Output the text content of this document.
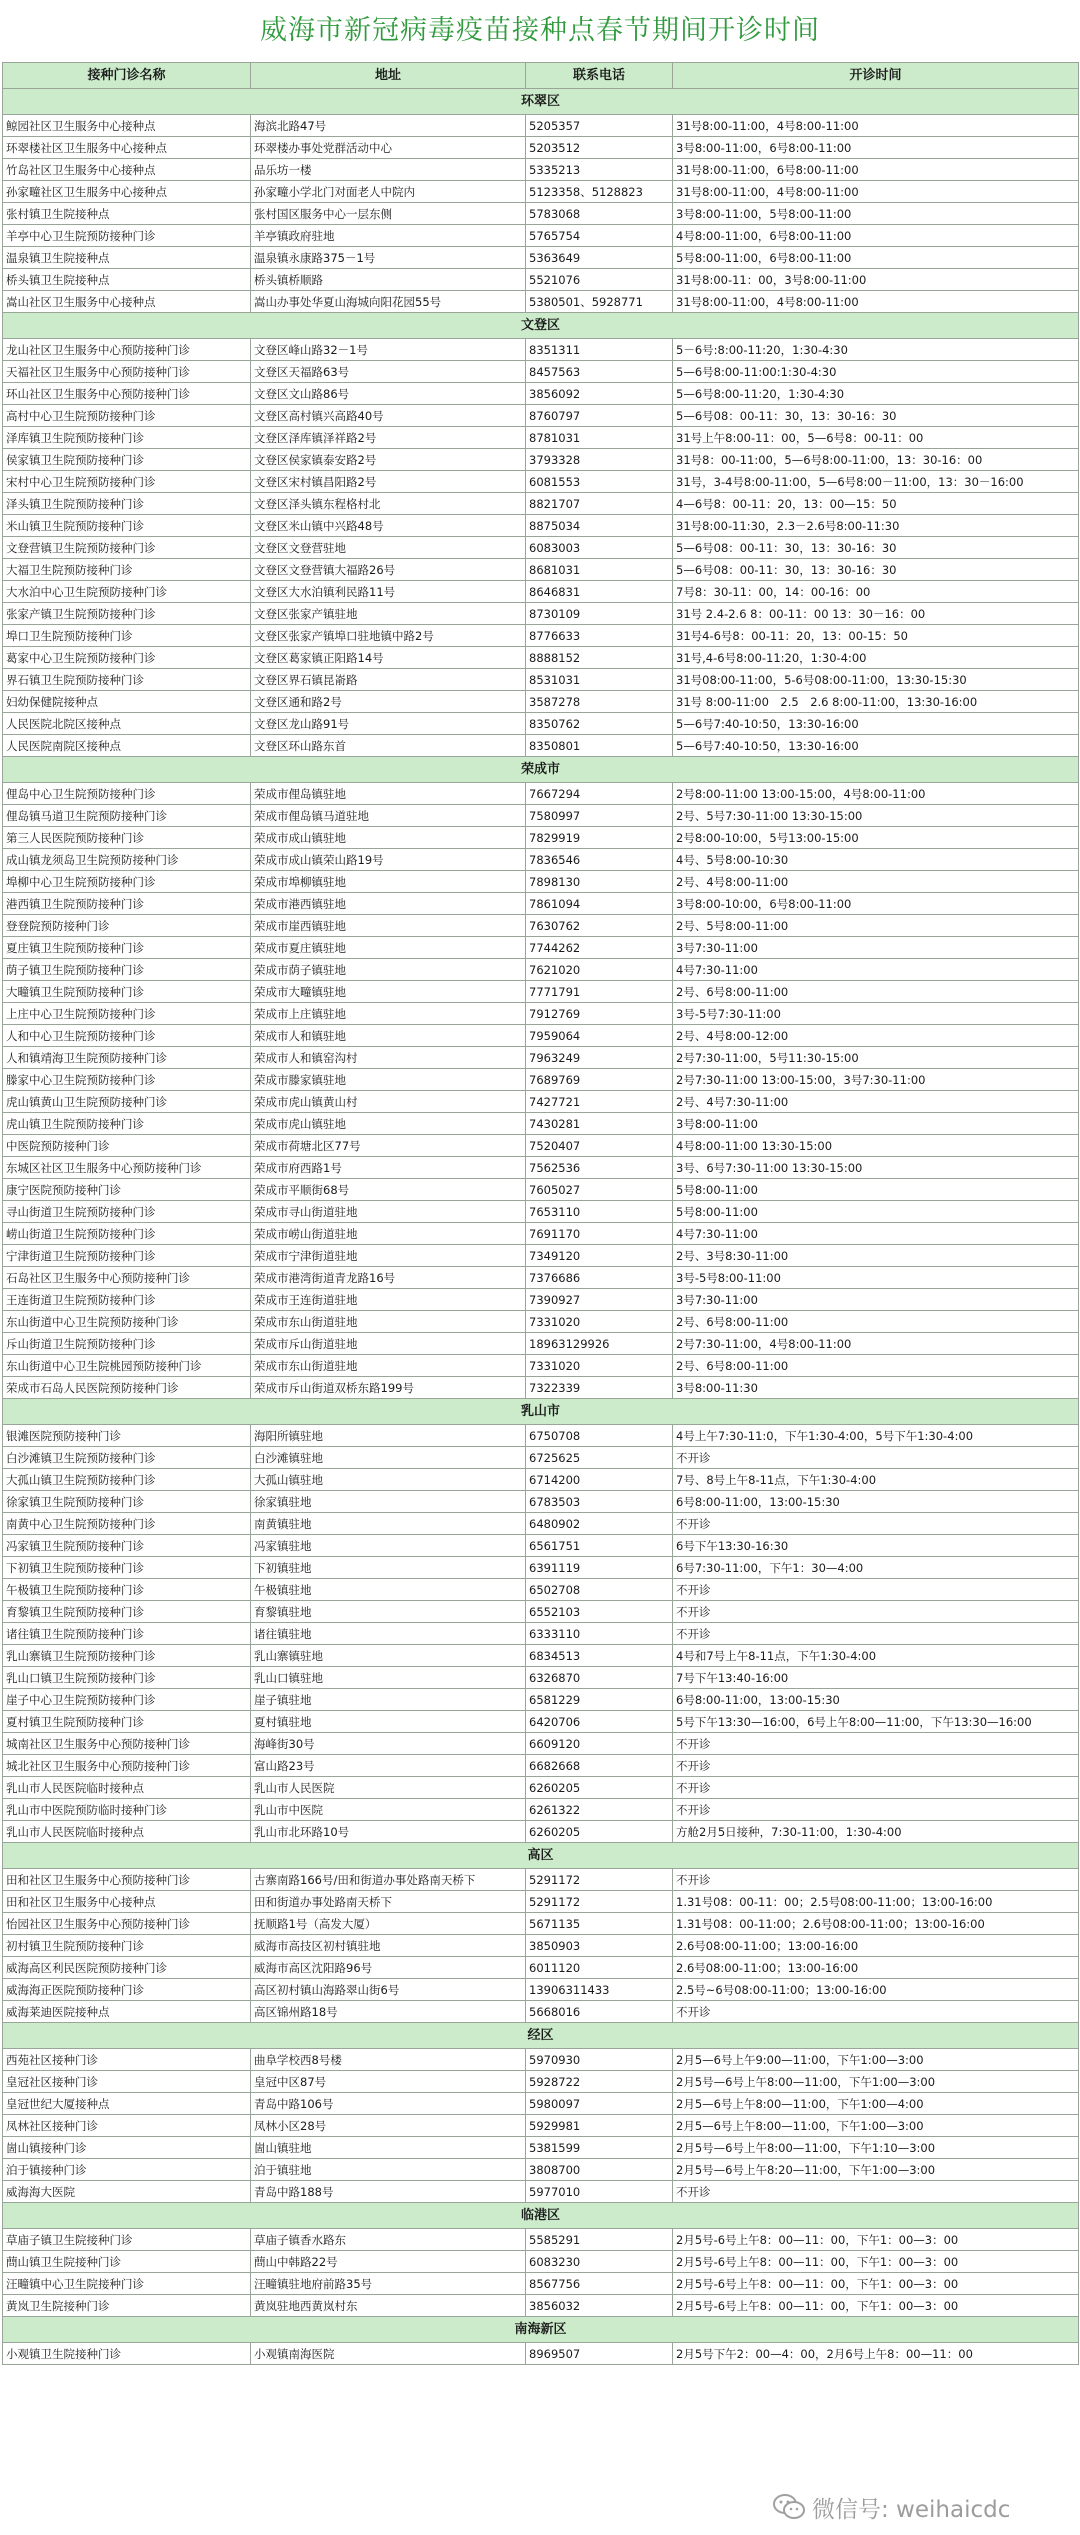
威海市新冠病毒疫苗接种点春节期间开诊时间
接种门诊名称	地址	联系电话	开诊时间
环翠区			
鲸园社区卫生服务中心接种点	海滨北路47号	5205357	31号8:00-11:00，4号8:00-11:00
环翠楼社区卫生服务中心接种点	环翠楼办事处党群活动中心	5203512	3号8:00-11:00，6号8:00-11:00
竹岛社区卫生服务中心接种点	品乐坊一楼	5335213	31号8:00-11:00，6号8:00-11:00
孙家疃社区卫生服务中心接种点	孙家疃小学北门对面老人中院内	5123358、5128823	31号8:00-11:00，4号8:00-11:00
张村镇卫生院接种点	张村国区服务中心一层东侧	5783068	3号8:00-11:00，5号8:00-11:00
羊亭中心卫生院预防接种门诊	羊亭镇政府驻地	5765754	4号8:00-11:00，6号8:00-11:00
温泉镇卫生院接种点	温泉镇永康路375－1号	5363649	5号8:00-11:00，6号8:00-11:00
桥头镇卫生院接种点	桥头镇桥顺路	5521076	31号8:00-11：00，3号8:00-11:00
嵩山社区卫生服务中心接种点	嵩山办事处华夏山海城向阳花园55号	5380501、5928771	31号8:00-11:00，4号8:00-11:00
文登区			
龙山社区卫生服务中心预防接种门诊	文登区峰山路32－1号	8351311	5－6号:8:00-11:20，1:30-4:30
天福社区卫生服务中心预防接种门诊	文登区天福路63号	8457563	5—6号8:00-11:00:1:30-4:30
环山社区卫生服务中心预防接种门诊	文登区文山路86号	3856092	5—6号8:00-11:20，1:30-4:30
高村中心卫生院预防接种门诊	文登区高村镇兴高路40号	8760797	5—6号08：00-11：30，13：30-16：30
泽库镇卫生院预防接种门诊	文登区泽库镇泽祥路2号	8781031	31号上午8:00-11：00，5—6号8：00-11：00
侯家镇卫生院预防接种门诊	文登区侯家镇泰安路2号	3793328	31号8：00-11:00，5—6号8:00-11:00，13：30-16：00
宋村中心卫生院预防接种门诊	文登区宋村镇昌阳路2号	6081553	31号，3-4号8:00-11:00，5—6号8:00－11:00，13：30－16:00
泽头镇卫生院预防接种门诊	文登区泽头镇东程格村北	8821707	4—6号8：00-11：20，13：00—15：50
米山镇卫生院预防接种门诊	文登区米山镇中兴路48号	8875034	31号8:00-11:30，2.3－2.6号8:00-11:30
文登营镇卫生院预防接种门诊	文登区文登营驻地	6083003	5—6号08：00-11：30，13：30-16：30
大福卫生院预防接种门诊	文登区文登营镇大福路26号	8681031	5—6号08：00-11：30，13：30-16：30
大水泊中心卫生院预防接种门诊	文登区大水泊镇利民路11号	8646831	7号8：30-11：00，14：00-16：00
张家产镇卫生院预防接种门诊	文登区张家产镇驻地	8730109	31号 2.4-2.6 8：00-11：00 13：30－16：00
埠口卫生院预防接种门诊	文登区张家产镇埠口驻地镇中路2号	8776633	31号4-6号8：00-11：20，13：00-15：50
葛家中心卫生院预防接种门诊	文登区葛家镇正阳路14号	8888152	31号,4-6号8:00-11:20，1:30-4:00
界石镇卫生院预防接种门诊	文登区界石镇昆嵛路	8531031	31号08:00-11:00，5-6号08:00-11:00，13:30-15:30
妇幼保健院接种点	文登区通和路2号	3587278	31号 8:00-11:00　2.5　2.6 8:00-11:00，13:30-16:00
人民医院北院区接种点	文登区龙山路91号	8350762	5—6号7:40-10:50，13:30-16:00
人民医院南院区接种点	文登区环山路东首	8350801	5—6号7:40-10:50，13:30-16:00
荣成市			
俚岛中心卫生院预防接种门诊	荣成市俚岛镇驻地	7667294	2号8:00-11:00 13:00-15:00，4号8:00-11:00
俚岛镇马道卫生院预防接种门诊	荣成市俚岛镇马道驻地	7580997	2号、5号7:30-11:00 13:30-15:00
第三人民医院预防接种门诊	荣成市成山镇驻地	7829919	2号8:00-10:00，5号13:00-15:00
成山镇龙须岛卫生院预防接种门诊	荣成市成山镇荣山路19号	7836546	4号、5号8:00-10:30
埠柳中心卫生院预防接种门诊	荣成市埠柳镇驻地	7898130	2号、4号8:00-11:00
港西镇卫生院预防接种门诊	荣成市港西镇驻地	7861094	3号8:00-10:00，6号8:00-11:00
登登院预防接种门诊	荣成市崖西镇驻地	7630762	2号、5号8:00-11:00
夏庄镇卫生院预防接种门诊	荣成市夏庄镇驻地	7744262	3号7:30-11:00
荫子镇卫生院预防接种门诊	荣成市荫子镇驻地	7621020	4号7:30-11:00
大疃镇卫生院预防接种门诊	荣成市大疃镇驻地	7771791	2号、6号8:00-11:00
上庄中心卫生院预防接种门诊	荣成市上庄镇驻地	7912769	3号-5号7:30-11:00
人和中心卫生院预防接种门诊	荣成市人和镇驻地	7959064	2号、4号8:00-12:00
人和镇靖海卫生院预防接种门诊	荣成市人和镇窑沟村	7963249	2号7:30-11:00，5号11:30-15:00
滕家中心卫生院预防接种门诊	荣成市滕家镇驻地	7689769	2号7:30-11:00 13:00-15:00，3号7:30-11:00
虎山镇黄山卫生院预防接种门诊	荣成市虎山镇黄山村	7427721	2号、4号7:30-11:00
虎山镇卫生院预防接种门诊	荣成市虎山镇驻地	7430281	3号8:00-11:00
中医院预防接种门诊	荣成市荷塘北区77号	7520407	4号8:00-11:00 13:30-15:00
东城区社区卫生服务中心预防接种门诊	荣成市府西路1号	7562536	3号、6号7:30-11:00 13:30-15:00
康宁医院预防接种门诊	荣成市平顺街68号	7605027	5号8:00-11:00
寻山街道卫生院预防接种门诊	荣成市寻山街道驻地	7653110	5号8:00-11:00
崂山街道卫生院预防接种门诊	荣成市崂山街道驻地	7691170	4号7:30-11:00
宁津街道卫生院预防接种门诊	荣成市宁津街道驻地	7349120	2号、3号8:30-11:00
石岛社区卫生服务中心预防接种门诊	荣成市港湾街道青龙路16号	7376686	3号-5号8:00-11:00
王连街道卫生院预防接种门诊	荣成市王连街道驻地	7390927	3号7:30-11:00
东山街道中心卫生院预防接种门诊	荣成市东山街道驻地	7331020	2号、6号8:00-11:00
斥山街道卫生院预防接种门诊	荣成市斥山街道驻地	18963129926	2号7:30-11:00，4号8:00-11:00
东山街道中心卫生院桃园预防接种门诊	荣成市东山街道驻地	7331020	2号、6号8:00-11:00
荣成市石岛人民医院预防接种门诊	荣成市斥山街道双桥东路199号	7322339	3号8:00-11:30
乳山市			
银滩医院预防接种门诊	海阳所镇驻地	6750708	4号上午7:30-11:0，下午1:30-4:00，5号下午1:30-4:00
白沙滩镇卫生院预防接种门诊	白沙滩镇驻地	6725625	不开诊
大孤山镇卫生院预防接种门诊	大孤山镇驻地	6714200	7号、8号上午8-11点，下午1:30-4:00
徐家镇卫生院预防接种门诊	徐家镇驻地	6783503	6号8:00-11:00，13:00-15:30
南黄中心卫生院预防接种门诊	南黄镇驻地	6480902	不开诊
冯家镇卫生院预防接种门诊	冯家镇驻地	6561751	6号下午13:30-16:30
下初镇卫生院预防接种门诊	下初镇驻地	6391119	6号7:30-11:00，下午1：30—4:00
午极镇卫生院预防接种门诊	午极镇驻地	6502708	不开诊
育黎镇卫生院预防接种门诊	育黎镇驻地	6552103	不开诊
诸往镇卫生院预防接种门诊	诸往镇驻地	6333110	不开诊
乳山寨镇卫生院预防接种门诊	乳山寨镇驻地	6834513	4号和7号上午8-11点，下午1:30-4:00
乳山口镇卫生院预防接种门诊	乳山口镇驻地	6326870	7号下午13:40-16:00
崖子中心卫生院预防接种门诊	崖子镇驻地	6581229	6号8:00-11:00，13:00-15:30
夏村镇卫生院预防接种门诊	夏村镇驻地	6420706	5号下午13:30—16:00，6号上午8:00—11:00，下午13:30—16:00
城南社区卫生服务中心预防接种门诊	海峰街30号	6609120	不开诊
城北社区卫生服务中心预防接种门诊	富山路23号	6682668	不开诊
乳山市人民医院临时接种点	乳山市人民医院	6260205	不开诊
乳山市中医院预防临时接种门诊	乳山市中医院	6261322	不开诊
乳山市人民医院临时接种点	乳山市北环路10号	6260205	方舱2月5日接种，7:30-11:00，1:30-4:00
高区			
田和社区卫生服务中心预防接种门诊	古寨南路166号/田和街道办事处路南天桥下	5291172	不开诊
田和社区卫生服务中心接种点	田和街道办事处路南天桥下	5291172	1.31号08：00-11：00；2.5号08:00-11:00；13:00-16:00
怡园社区卫生服务中心预防接种门诊	抚顺路1号（高发大厦）	5671135	1.31号08：00-11:00；2.6号08:00-11:00；13:00-16:00
初村镇卫生院预防接种门诊	威海市高技区初村镇驻地	3850903	2.6号08:00-11:00；13:00-16:00
威海高区利民医院预防接种门诊	威海市高区沈阳路96号	6011120	2.6号08:00-11:00；13:00-16:00
威海海正医院预防接种门诊	高区初村镇山海路翠山街6号	13906311433	2.5号~6号08:00-11:00；13:00-16:00
威海莱迪医院接种点	高区锦州路18号	5668016	不开诊
经区			
西苑社区接种门诊	曲阜学校西8号楼	5970930	2月5—6号上午9:00—11:00，下午1:00—3:00
皇冠社区接种门诊	皇冠中区87号	5928722	2月5号—6号上午8:00—11:00，下午1:00—3:00
皇冠世纪大厦接种点	青岛中路106号	5980097	2月5—6号上午8:00—11:00，下午1:00—4:00
凤林社区接种门诊	凤林小区28号	5929981	2月5—6号上午8:00—11:00，下午1:00—3:00
崮山镇接种门诊	崮山镇驻地	5381599	2月5号—6号上午8:00—11:00，下午1:10—3:00
泊于镇接种门诊	泊于镇驻地	3808700	2月5号—6号上午8:20—11:00，下午1:00—3:00
威海海大医院	青岛中路188号	5977010	不开诊
临港区			
草庙子镇卫生院接种门诊	草庙子镇香水路东	5585291	2月5号-6号上午8：00—11：00，下午1：00—3：00
蔄山镇卫生院接种门诊	蔄山中韩路22号	6083230	2月5号-6号上午8：00—11：00，下午1：00—3：00
汪疃镇中心卫生院接种门诊	汪疃镇驻地府前路35号	8567756	2月5号-6号上午8：00—11：00，下午1：00—3：00
黄岚卫生院接种门诊	黄岚驻地西黄岚村东	3856032	2月5号-6号上午8：00—11：00，下午1：00—3：00
南海新区			
小观镇卫生院接种门诊	小观镇南海医院	8969507	2月5号下午2：00—4：00，2月6号上午8：00—11：00
微信号: weihaicdc
